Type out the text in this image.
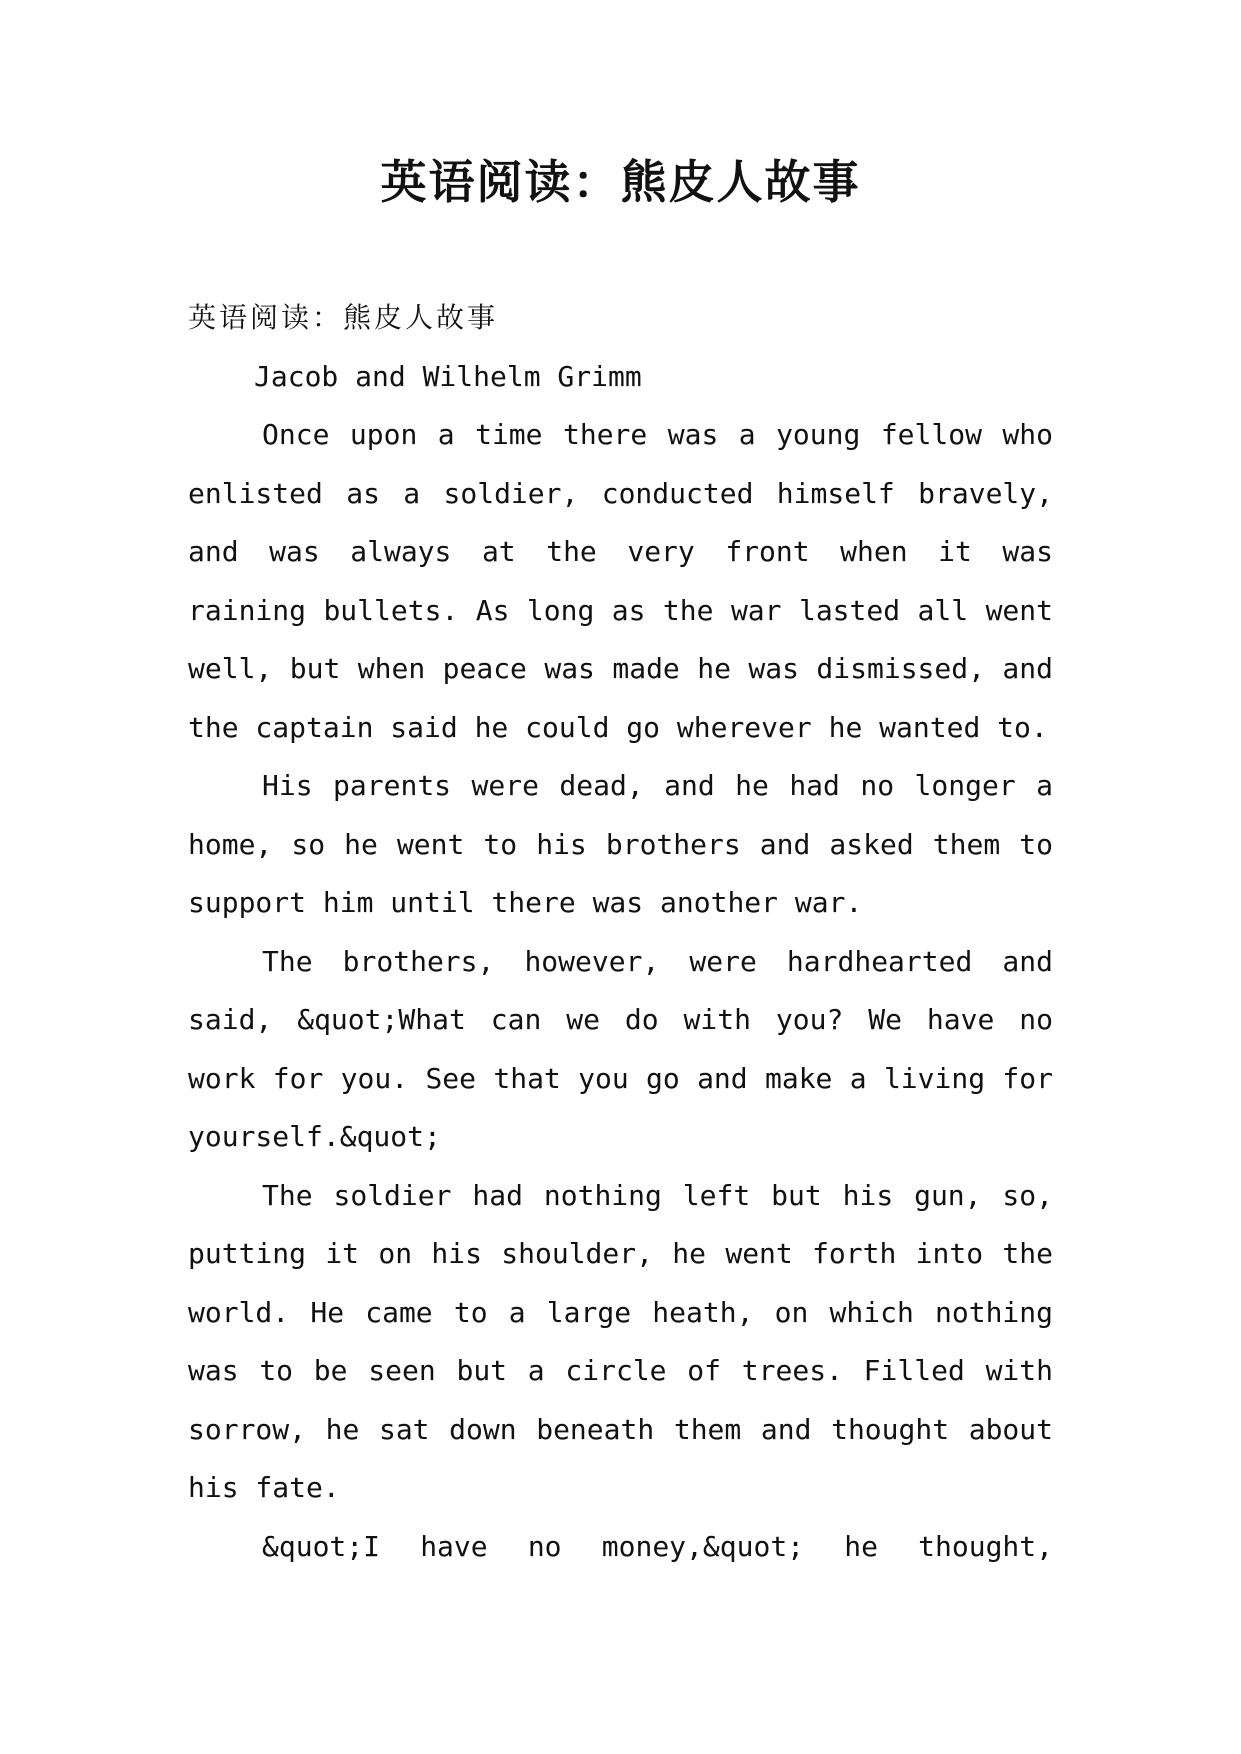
英语阅读：熊皮人故事

英语阅读：熊皮人故事

Jacob and Wilhelm Grimm

Once upon a time there was a young fellow who enlisted as a soldier, conducted himself bravely, and was always at the very front when it was raining bullets. As long as the war lasted all went well, but when peace was made he was dismissed, and the captain said he could go wherever he wanted to.

His parents were dead, and he had no longer a home, so he went to his brothers and asked them to support him until there was another war.

The brothers, however, were hardhearted and said, &quot;What can we do with you? We have no work for you. See that you go and make a living for yourself.&quot;

The soldier had nothing left but his gun, so, putting it on his shoulder, he went forth into the world. He came to a large heath, on which nothing was to be seen but a circle of trees. Filled with sorrow, he sat down beneath them and thought about his fate.

&quot;I have no money,&quot; he thought,
